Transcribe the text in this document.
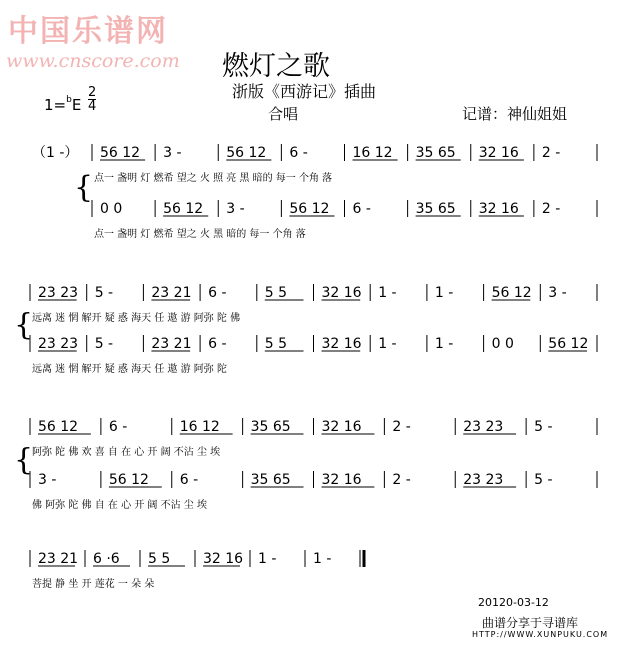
中国乐谱网
www.cnscore.com 燃灯之歌
浙版《西游记》插曲
合唱	记谱：神仙姐姐
1=$^b$E
2
4
{
（1 -） 56 12 3 -	56 12 6 -	16 12 35 65 32 16 2 -
点一 盏明 灯 燃希 望之 火 照 亮 黑 暗的 每一 个角 落
0 0	56 12 3 -	56 12 6 -	35 65 32 16 2 -
点一 盏明 灯 燃希 望之 火 黑 暗的 每一 个角 落
{
23 23 5 -	23 21 6 -	5 5 32 16 1 -	1 -	56 12 3 -
远离 迷 惘 解开 疑 惑 海天 任 遨 游 阿弥 陀 佛
23 23 5 -	23 21 6 -	5 5 32 16 1 -	1 -	0 0 56 12
远离 迷 惘 解开 疑 惑 海天 任 遨 游 阿弥 陀
{
56 12 6 -	16 12 35 65 32 16 2 -	23 23 5 -
阿弥 陀 佛 欢 喜 自 在 心 开 阔 不沾 尘 埃
3 -	56 12 6 -	35 65 32 16 2 -	23 23 5 -
佛 阿弥 陀 佛 自 在 心 开 阔 不沾 尘 埃
23 21 6 ·6 5 5 32 16 1 -	1 -
菩提 静 坐 开 莲花 一 朵 朵
20120-03-12
曲谱分享于寻谱库
HTTP://WWW.XUNPUKU.COM
